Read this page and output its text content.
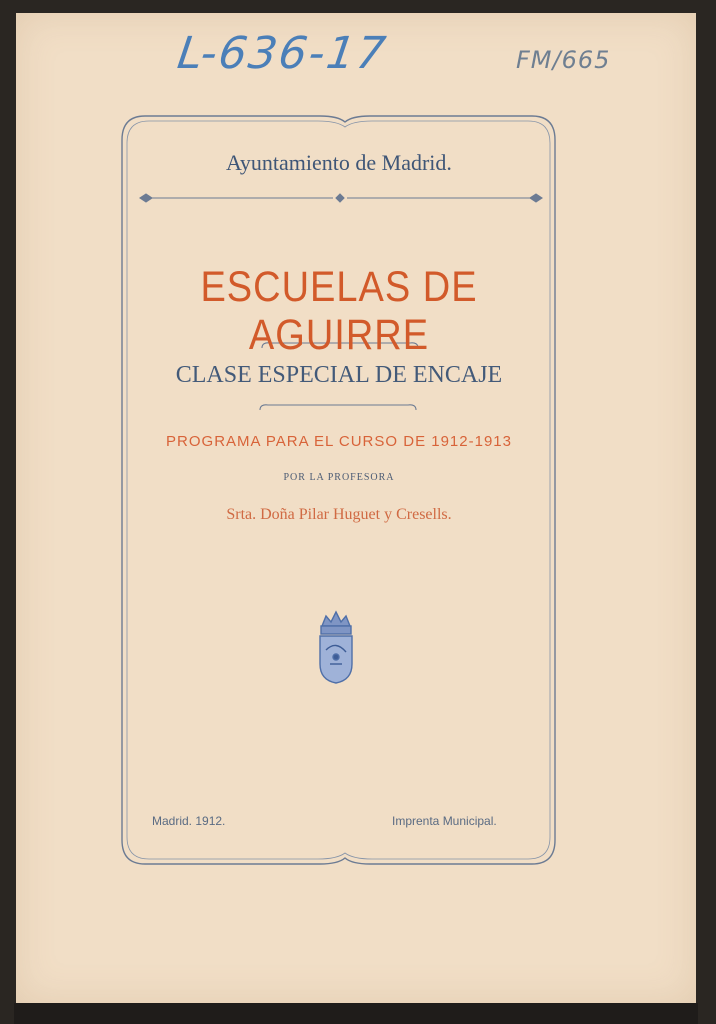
L-636-17	FM/665
Ayuntamiento de Madrid.
ESCUELAS DE AGUIRRE
CLASE ESPECIAL DE ENCAJE
PROGRAMA PARA EL CURSO DE 1912-1913
POR LA PROFESORA
Srta. Doña Pilar Huguet y Cresells.
Madrid. 1912.	Imprenta Municipal.
